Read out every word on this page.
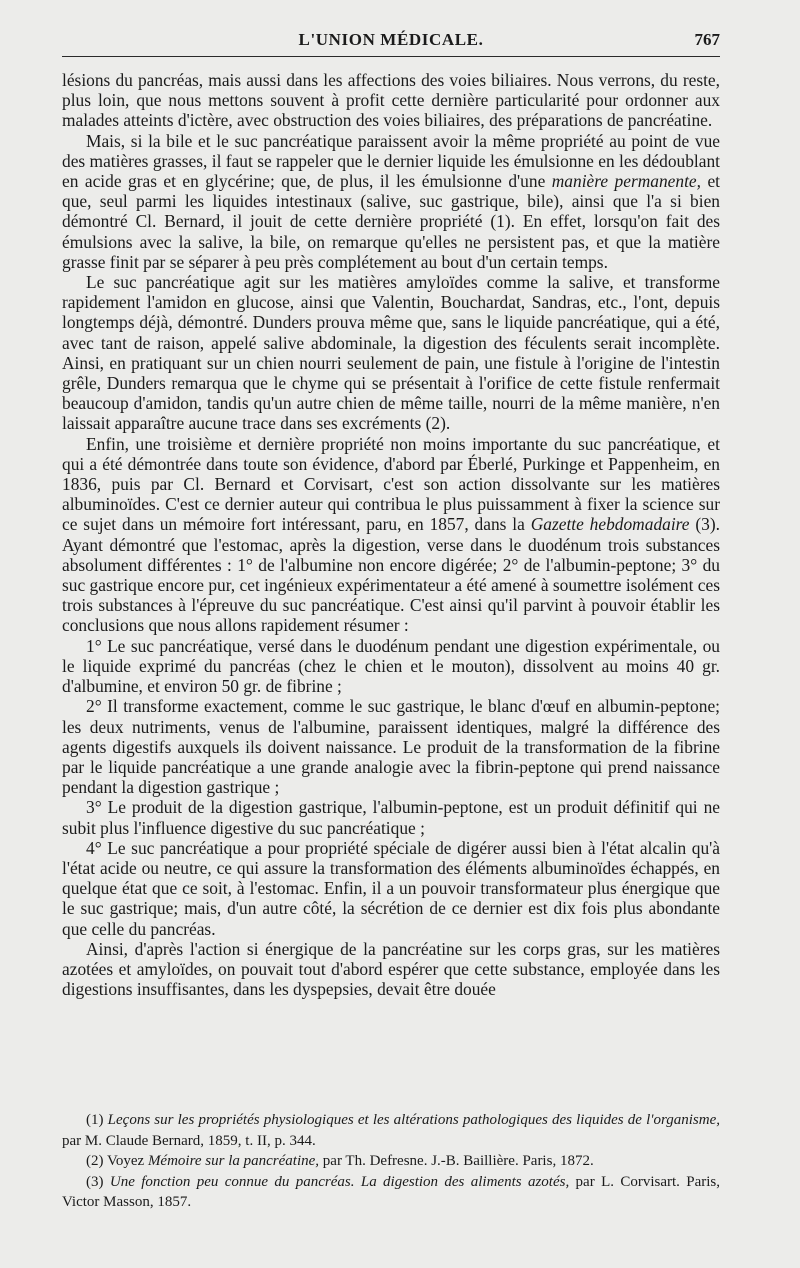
L'UNION MÉDICALE.	767

lésions du pancréas, mais aussi dans les affections des voies biliaires. Nous verrons, du reste, plus loin, que nous mettons souvent à profit cette dernière particularité pour ordonner aux malades atteints d'ictère, avec obstruction des voies biliaires, des préparations de pancréatine.

Mais, si la bile et le suc pancréatique paraissent avoir la même propriété au point de vue des matières grasses, il faut se rappeler que le dernier liquide les émulsionne en les dédoublant en acide gras et en glycérine; que, de plus, il les émulsionne d'une manière permanente, et que, seul parmi les liquides intestinaux (salive, suc gastrique, bile), ainsi que l'a si bien démontré Cl. Bernard, il jouit de cette dernière propriété (1). En effet, lorsqu'on fait des émulsions avec la salive, la bile, on remarque qu'elles ne persistent pas, et que la matière grasse finit par se séparer à peu près complétement au bout d'un certain temps.

Le suc pancréatique agit sur les matières amyloïdes comme la salive, et transforme rapidement l'amidon en glucose, ainsi que Valentin, Bouchardat, Sandras, etc., l'ont, depuis longtemps déjà, démontré. Dunders prouva même que, sans le liquide pancréatique, qui a été, avec tant de raison, appelé salive abdominale, la digestion des féculents serait incomplète. Ainsi, en pratiquant sur un chien nourri seulement de pain, une fistule à l'origine de l'intestin grêle, Dunders remarqua que le chyme qui se présentait à l'orifice de cette fistule renfermait beaucoup d'amidon, tandis qu'un autre chien de même taille, nourri de la même manière, n'en laissait apparaître aucune trace dans ses excréments (2).

Enfin, une troisième et dernière propriété non moins importante du suc pancréatique, et qui a été démontrée dans toute son évidence, d'abord par Éberlé, Purkinge et Pappenheim, en 1836, puis par Cl. Bernard et Corvisart, c'est son action dissolvante sur les matières albuminoïdes. C'est ce dernier auteur qui contribua le plus puissamment à fixer la science sur ce sujet dans un mémoire fort intéressant, paru, en 1857, dans la Gazette hebdomadaire (3). Ayant démontré que l'estomac, après la digestion, verse dans le duodénum trois substances absolument différentes : 1° de l'albumine non encore digérée; 2° de l'albumin-peptone; 3° du suc gastrique encore pur, cet ingénieux expérimentateur a été amené à soumettre isolément ces trois substances à l'épreuve du suc pancréatique. C'est ainsi qu'il parvint à pouvoir établir les conclusions que nous allons rapidement résumer :

1° Le suc pancréatique, versé dans le duodénum pendant une digestion expérimentale, ou le liquide exprimé du pancréas (chez le chien et le mouton), dissolvent au moins 40 gr. d'albumine, et environ 50 gr. de fibrine ;

2° Il transforme exactement, comme le suc gastrique, le blanc d'œuf en albumin-peptone; les deux nutriments, venus de l'albumine, paraissent identiques, malgré la différence des agents digestifs auxquels ils doivent naissance. Le produit de la transformation de la fibrine par le liquide pancréatique a une grande analogie avec la fibrin-peptone qui prend naissance pendant la digestion gastrique ;

3° Le produit de la digestion gastrique, l'albumin-peptone, est un produit définitif qui ne subit plus l'influence digestive du suc pancréatique ;

4° Le suc pancréatique a pour propriété spéciale de digérer aussi bien à l'état alcalin qu'à l'état acide ou neutre, ce qui assure la transformation des éléments albuminoïdes échappés, en quelque état que ce soit, à l'estomac. Enfin, il a un pouvoir transformateur plus énergique que le suc gastrique; mais, d'un autre côté, la sécrétion de ce dernier est dix fois plus abondante que celle du pancréas.

Ainsi, d'après l'action si énergique de la pancréatine sur les corps gras, sur les matières azotées et amyloïdes, on pouvait tout d'abord espérer que cette substance, employée dans les digestions insuffisantes, dans les dyspepsies, devait être douée

(1) Leçons sur les propriétés physiologiques et les altérations pathologiques des liquides de l'organisme, par M. Claude Bernard, 1859, t. II, p. 344.

(2) Voyez Mémoire sur la pancréatine, par Th. Defresne. J.-B. Baillière. Paris, 1872.

(3) Une fonction peu connue du pancréas. La digestion des aliments azotés, par L. Corvisart. Paris, Victor Masson, 1857.
